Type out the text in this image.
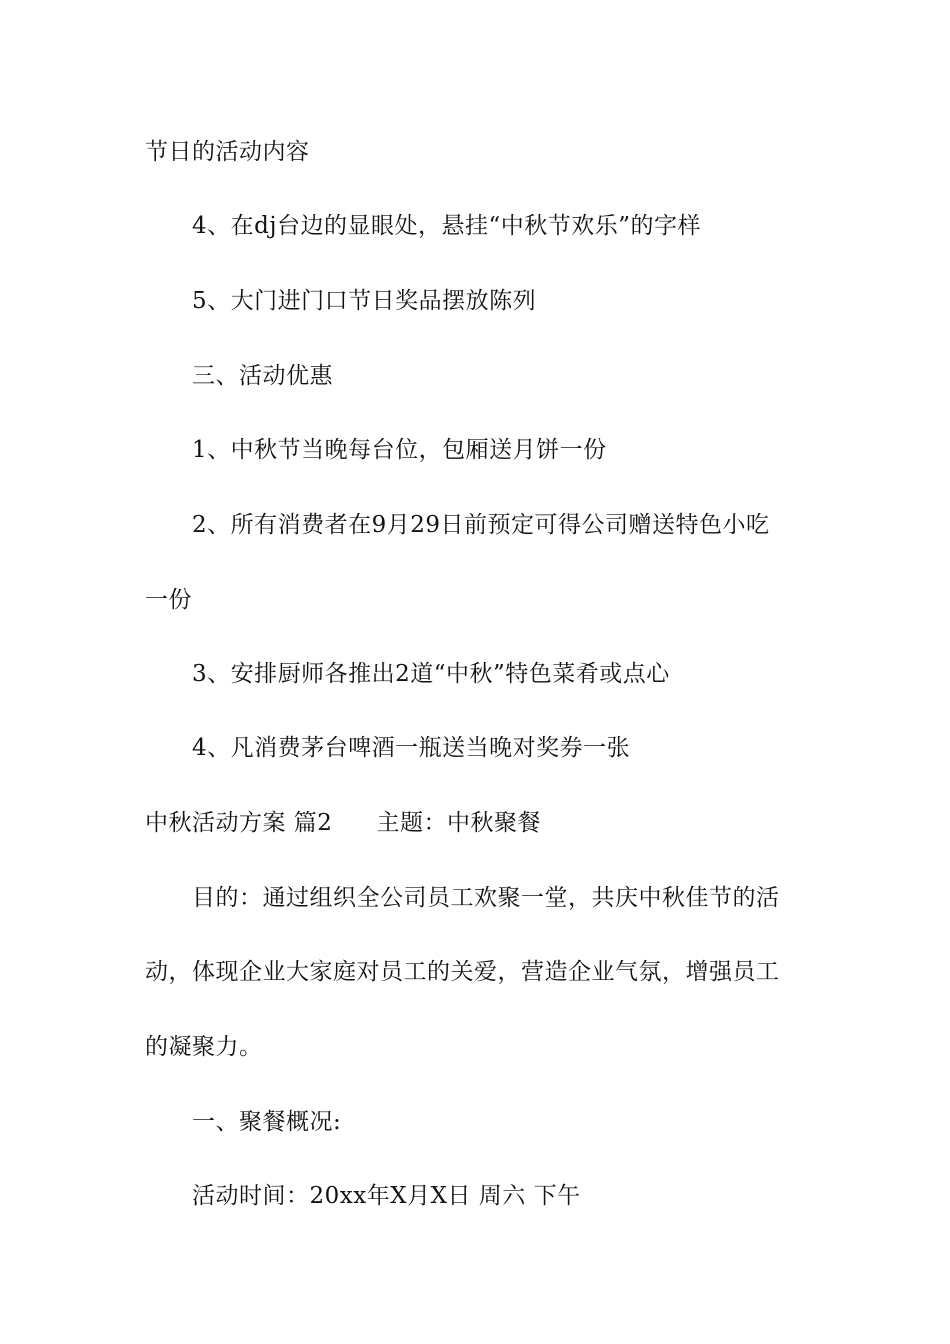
节日的活动内容
4、在dj台边的显眼处，悬挂“中秋节欢乐”的字样
5、大门进门口节日奖品摆放陈列
三、活动优惠
1、中秋节当晚每台位，包厢送月饼一份
2、所有消费者在9月29日前预定可得公司赠送特色小吃
一份
3、安排厨师各推出2道“中秋”特色菜肴或点心
4、凡消费茅台啤酒一瓶送当晚对奖券一张
中秋活动方案 篇2 主题：中秋聚餐
目的：通过组织全公司员工欢聚一堂，共庆中秋佳节的活
动，体现企业大家庭对员工的关爱，营造企业气氛，增强员工
的凝聚力。
一、聚餐概况:
活动时间：20xx年X月X日 周六 下午
